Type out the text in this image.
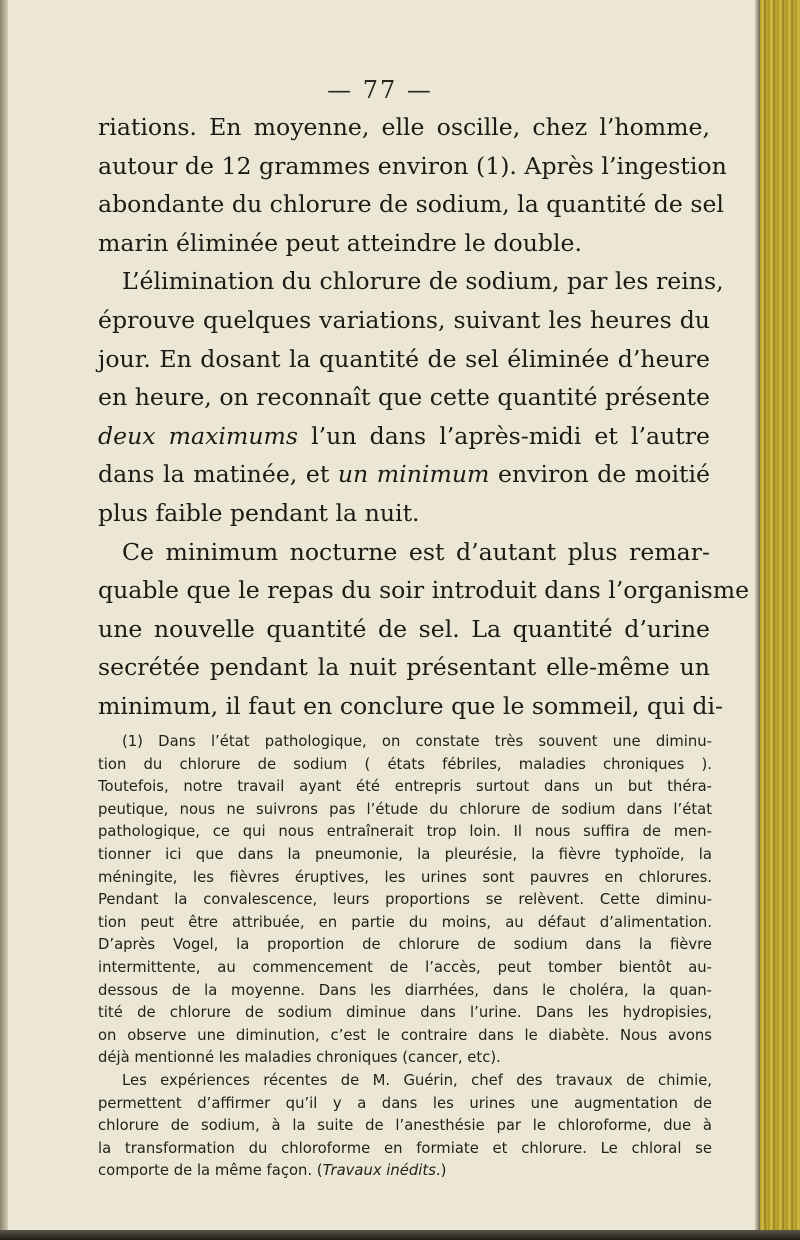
— 77 —
riations. En moyenne, elle oscille, chez l’homme,
autour de 12 grammes environ (1). Après l’ingestion
abondante du chlorure de sodium, la quantité de sel
marin éliminée peut atteindre le double.
L’élimination du chlorure de sodium, par les reins,
éprouve quelques variations, suivant les heures du
jour. En dosant la quantité de sel éliminée d’heure
en heure, on reconnaît que cette quantité présente
deux maximums l’un dans l’après-midi et l’autre
dans la matinée, et un minimum environ de moitié
plus faible pendant la nuit.
Ce minimum nocturne est d’autant plus remar-
quable que le repas du soir introduit dans l’organisme
une nouvelle quantité de sel. La quantité d’urine
secrétée pendant la nuit présentant elle-même un
minimum, il faut en conclure que le sommeil, qui di-
(1) Dans l’état pathologique, on constate très souvent une diminu-
tion du chlorure de sodium ( états fébriles, maladies chroniques ).
Toutefois, notre travail ayant été entrepris surtout dans un but théra-
peutique, nous ne suivrons pas l’étude du chlorure de sodium dans l’état
pathologique, ce qui nous entraînerait trop loin. Il nous suffira de men-
tionner ici que dans la pneumonie, la pleurésie, la fièvre typhoïde, la
méningite, les fièvres éruptives, les urines sont pauvres en chlorures.
Pendant la convalescence, leurs proportions se relèvent. Cette diminu-
tion peut être attribuée, en partie du moins, au défaut d’alimentation.
D’après Vogel, la proportion de chlorure de sodium dans la fièvre
intermittente, au commencement de l’accès, peut tomber bientôt au-
dessous de la moyenne. Dans les diarrhées, dans le choléra, la quan-
tité de chlorure de sodium diminue dans l’urine. Dans les hydropisies,
on observe une diminution, c’est le contraire dans le diabète. Nous avons
déjà mentionné les maladies chroniques (cancer, etc).
Les expériences récentes de M. Guérin, chef des travaux de chimie,
permettent d’affirmer qu’il y a dans les urines une augmentation de
chlorure de sodium, à la suite de l’anesthésie par le chloroforme, due à
la transformation du chloroforme en formiate et chlorure. Le chloral se
comporte de la même façon. (Travaux inédits.)
